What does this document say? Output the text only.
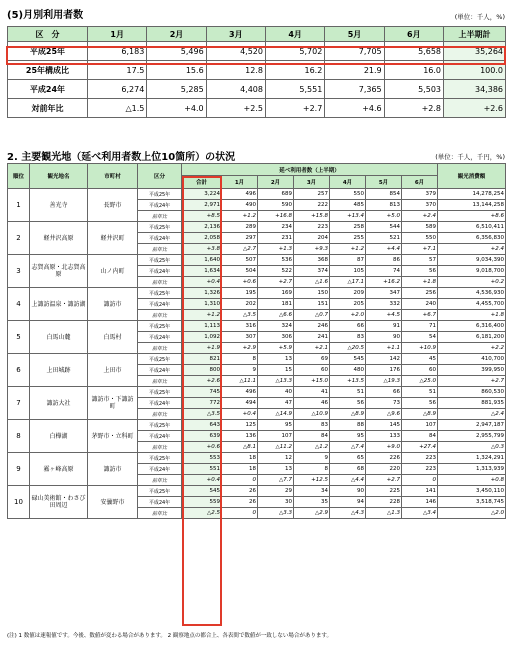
(5)月別利用者数	(単位：千人，%)
区　分	1月	2月	3月	4月	5月	6月	上半期計
平成25年	6,183	5,496	4,520	5,702	7,705	5,658	35,264
25年構成比	17.5	15.6	12.8	16.2	21.9	16.0	100.0
平成24年	6,274	5,285	4,408	5,551	7,365	5,503	34,386
対前年比	△1.5	+4.0	+2.5	+2.7	+4.6	+2.8	+2.6
2. 主要観光地（延べ利用者数上位10箇所）の状況	(単位：千人，千円，%)
順位	観光地名	市町村	区分	延べ利用者数（上半期）							観光消費額
				合計	1月	2月	3月	4月	5月	6月	
1	善光寺	長野市	平成25年	3,224	496	689	257	550	854	379	14,278,254
			平成24年	2,971	490	590	222	485	813	370	13,144,258
			前年比	+8.5	+1.2	+16.8	+15.8	+13.4	+5.0	+2.4	+8.6
2	軽井沢高原	軽井沢町	平成25年	2,136	289	234	223	258	544	589	6,510,411
			平成24年	2,058	297	231	204	255	521	550	6,356,830
			前年比	+3.8	△2.7	+1.3	+9.3	+1.2	+4.4	+7.1	+2.4
3	志賀高原・北志賀高原	山ノ内町	平成25年	1,640	507	536	368	87	86	57	9,034,390
			平成24年	1,634	504	522	374	105	74	56	9,018,700
			前年比	+0.4	+0.6	+2.7	△1.6	△17.1	+16.2	+1.8	+0.2
4	上諏訪温泉・諏訪湖	諏訪市	平成25年	1,326	195	169	150	209	347	256	4,536,930
			平成24年	1,310	202	181	151	205	332	240	4,455,700
			前年比	+1.2	△3.5	△6.6	△0.7	+2.0	+4.5	+6.7	+1.8
5	白馬山麓	白馬村	平成25年	1,113	316	324	246	66	91	71	6,316,400
			平成24年	1,092	307	306	241	83	90	54	6,181,200
			前年比	+1.9	+2.9	+5.9	+2.1	△20.5	+1.1	+10.9	+2.2
6	上田城跡	上田市	平成25年	821	8	13	69	545	142	45	410,700
			平成24年	800	9	15	60	480	176	60	399,950
			前年比	+2.6	△11.1	△13.3	+15.0	+13.5	△19.3	△25.0	+2.7
7	諏訪大社	諏訪市・下諏訪町	平成25年	745	496	40	41	51	66	51	860,530
			平成24年	772	494	47	46	56	73	56	881,935
			前年比	△3.5	+0.4	△14.9	△10.9	△8.9	△9.6	△8.9	△2.4
8	白樺湖	茅野市・立科町	平成25年	643	125	95	83	88	145	107	2,947,187
			平成24年	639	136	107	84	95	133	84	2,955,799
			前年比	+0.6	△8.1	△11.2	△1.2	△7.4	+9.0	+27.4	△0.3
9	霧ヶ峰高原	諏訪市	平成25年	553	18	12	9	65	226	223	1,324,291
			平成24年	551	18	13	8	68	220	223	1,313,939
			前年比	+0.4	0	△7.7	+12.5	△4.4	+2.7	0	+0.8
10	碌山美術館・わさび田周辺	安曇野市	平成25年	545	26	29	34	90	225	141	3,450,110
			平成24年	559	26	30	35	94	228	146	3,518,745
			前年比	△2.5	0	△3.3	△2.9	△4.3	△1.3	△3.4	△2.0
(注) 1 数値は速報値です。今後、数値が変わる場合があります。 2 観察地点の都合上、各表間で数値が一致しない場合があります。
